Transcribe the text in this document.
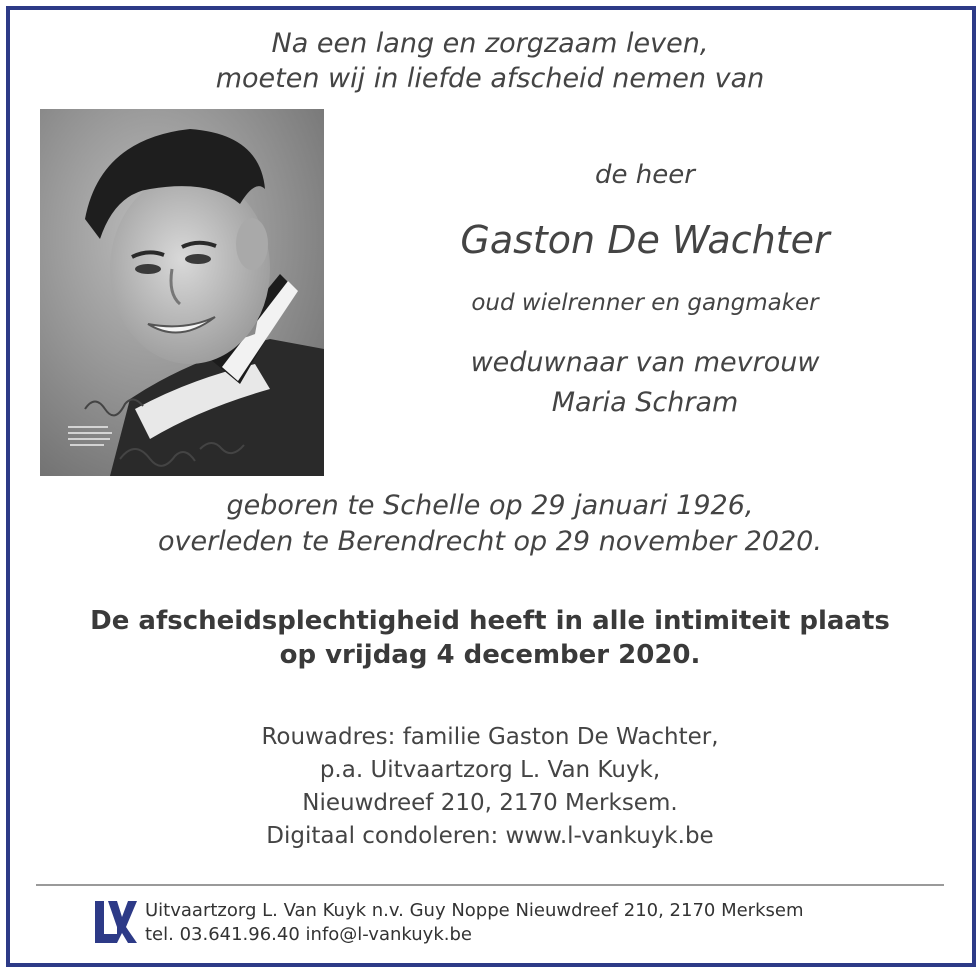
Na een lang en zorgzaam leven,
moeten wij in liefde afscheid nemen van
de heer
Gaston De Wachter
oud wielrenner en gangmaker
weduwnaar van mevrouw
Maria Schram
geboren te Schelle op 29 januari 1926,
overleden te Berendrecht op 29 november 2020.
De afscheidsplechtigheid heeft in alle intimiteit plaats
op vrijdag 4 december 2020.
Rouwadres: familie Gaston De Wachter,
p.a. Uitvaartzorg L. Van Kuyk,
Nieuwdreef 210, 2170 Merksem.
Digitaal condoleren: www.l-vankuyk.be
Uitvaartzorg L. Van Kuyk n.v. Guy Noppe Nieuwdreef 210, 2170 Merksem
tel. 03.641.96.40 info@l-vankuyk.be
